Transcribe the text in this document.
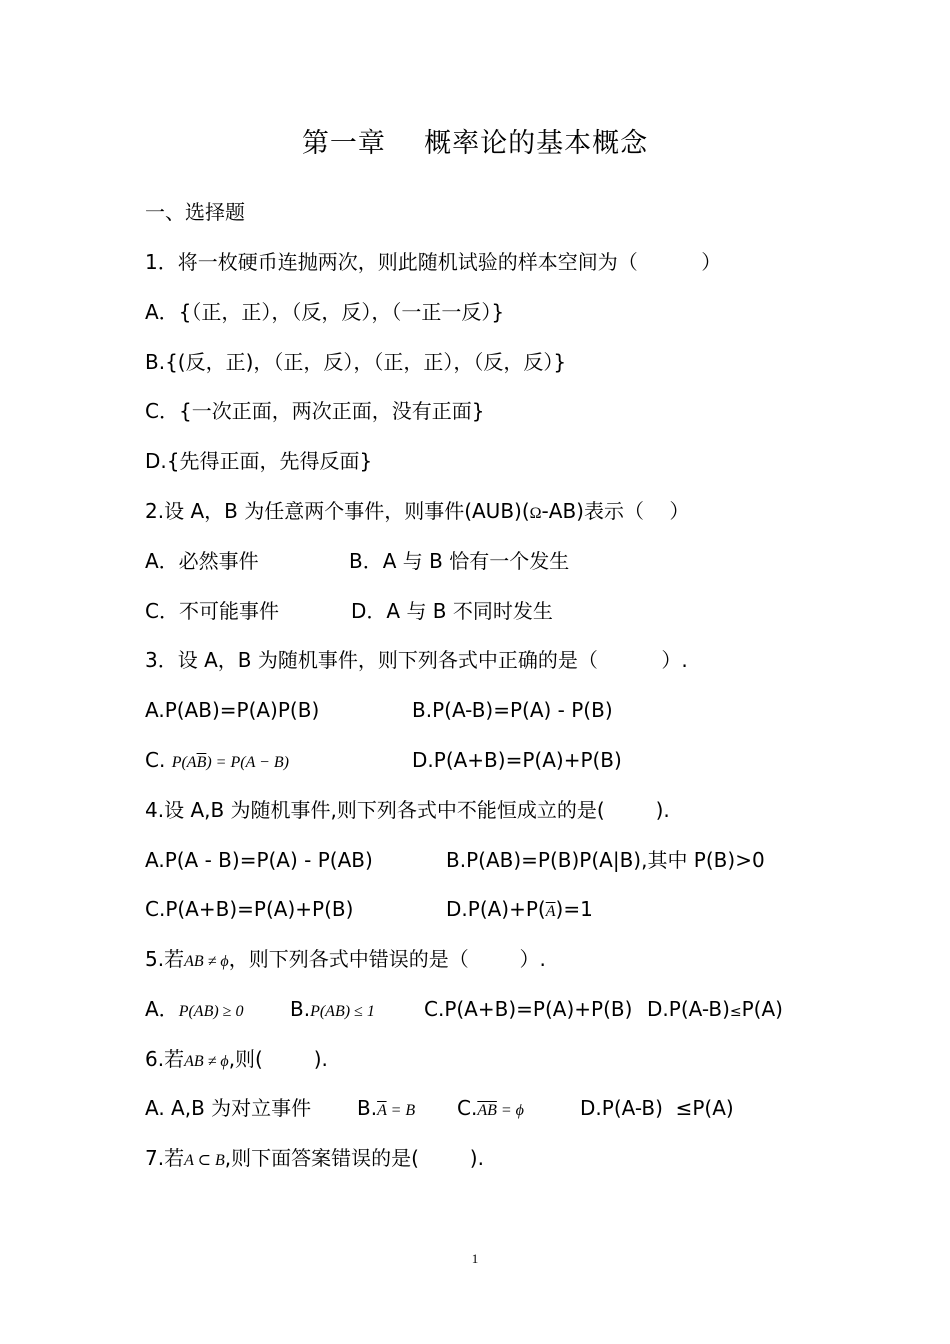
第一章    概率论的基本概念
一、选择题
1．将一枚硬币连抛两次，则此随机试验的样本空间为（          ）
A．{（正，正），（反，反），（一正一反）}
B.{(反，正)，（正，反），（正，正），（反，反）}
C．{一次正面，两次正面，没有正面}
D.{先得正面，先得反面}
2.设 A，B 为任意两个事件，则事件(AUB)(Ω-AB)表示（    ）
A．必然事件	B．A 与 B 恰有一个发生
C．不可能事件	D．A 与 B 不同时发生
3．设 A，B 为随机事件，则下列各式中正确的是（          ）.
A.P(AB)=P(A)P(B)	B.P(A-B)=P(A) - P(B)
C. $P(A\overline{B}) = P(A - B)$	D.P(A+B)=P(A)+P(B)
4.设 A,B 为随机事件,则下列各式中不能恒成立的是(        ).
A.P(A - B)=P(A) - P(AB)	B.P(AB)=P(B)P(A|B),其中 P(B)>0
C.P(A+B)=P(A)+P(B)	$D.P(A)+P(\overline{A})=1$
5.若AB ≠ ϕ，则下列各式中错误的是（        ）.
A．P(AB) ≥ 0 B.P(AB) ≤ 1 C.P(A+B)=P(A)+P(B) D.P(A-B)≤P(A)
6.若AB ≠ ϕ,则(        ).
A. A,B 为对立事件 $B.\overline{A} = B$ $C.\overline{AB} = \phi$	D.P(A-B)  ≤P(A)
7.若A ⊂ B,则下面答案错误的是(        ).
1
